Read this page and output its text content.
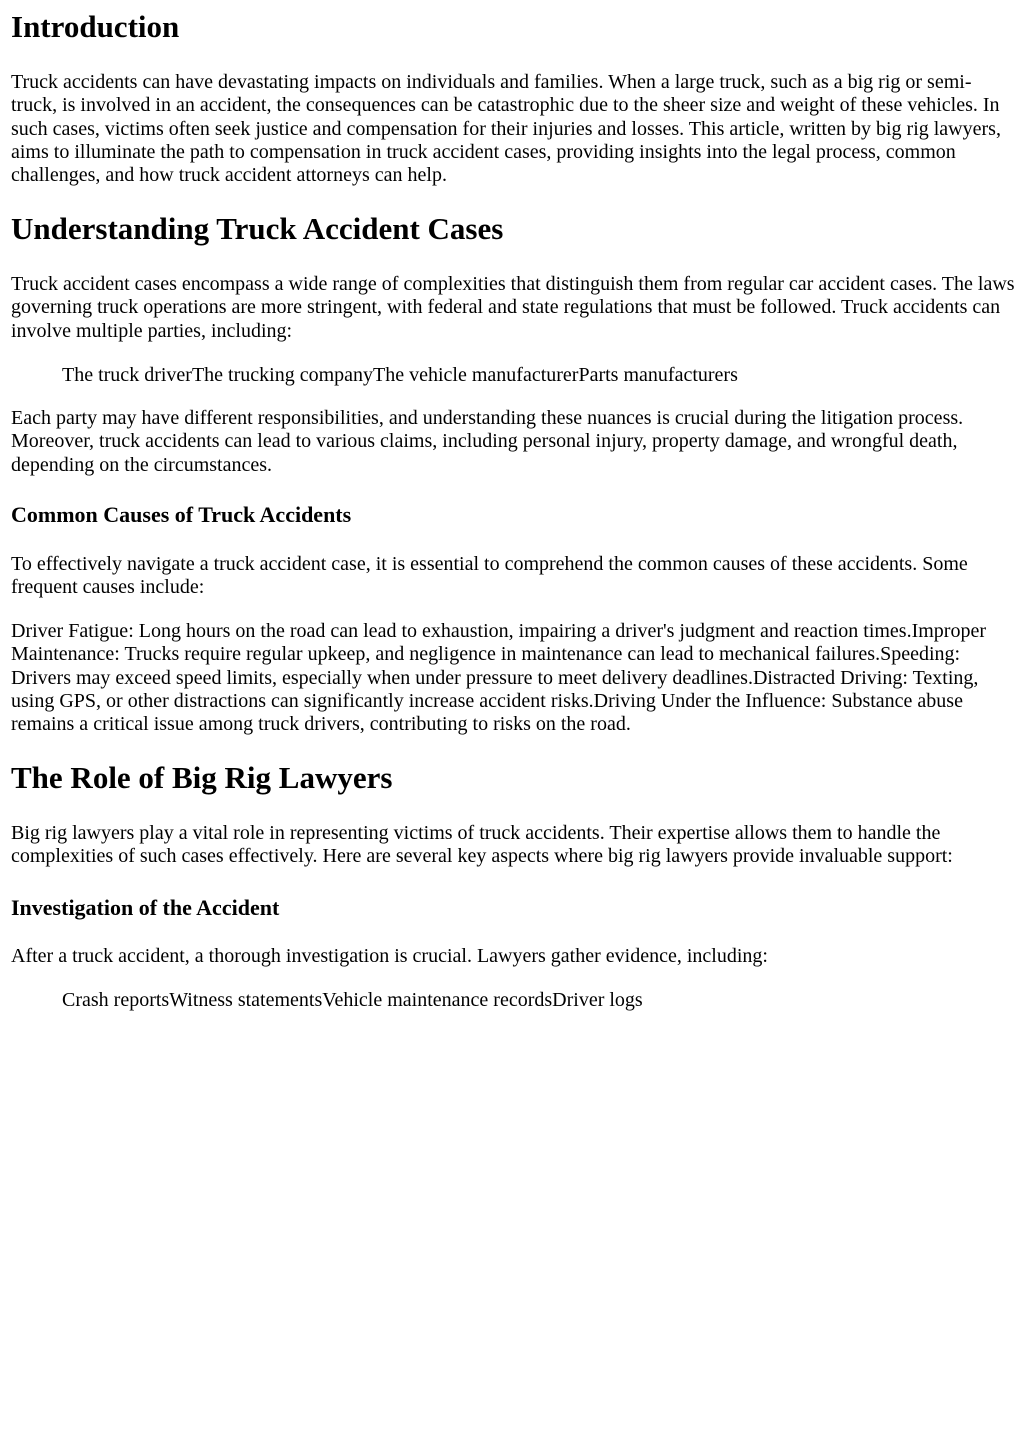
Introduction

Truck accidents can have devastating impacts on individuals and families. When a large truck, such as a big rig or semi-truck, is involved in an accident, the consequences can be catastrophic due to the sheer size and weight of these vehicles. In such cases, victims often seek justice and compensation for their injuries and losses. This article, written by big rig lawyers, aims to illuminate the path to compensation in truck accident cases, providing insights into the legal process, common challenges, and how truck accident attorneys can help.

Understanding Truck Accident Cases

Truck accident cases encompass a wide range of complexities that distinguish them from regular car accident cases. The laws governing truck operations are more stringent, with federal and state regulations that must be followed. Truck accidents can involve multiple parties, including:

The truck driverThe trucking companyThe vehicle manufacturerParts manufacturers

Each party may have different responsibilities, and understanding these nuances is crucial during the litigation process. Moreover, truck accidents can lead to various claims, including personal injury, property damage, and wrongful death, depending on the circumstances.

Common Causes of Truck Accidents

To effectively navigate a truck accident case, it is essential to comprehend the common causes of these accidents. Some frequent causes include:

Driver Fatigue: Long hours on the road can lead to exhaustion, impairing a driver's judgment and reaction times.Improper Maintenance: Trucks require regular upkeep, and negligence in maintenance can lead to mechanical failures.Speeding: Drivers may exceed speed limits, especially when under pressure to meet delivery deadlines.Distracted Driving: Texting, using GPS, or other distractions can significantly increase accident risks.Driving Under the Influence: Substance abuse remains a critical issue among truck drivers, contributing to risks on the road.

The Role of Big Rig Lawyers

Big rig lawyers play a vital role in representing victims of truck accidents. Their expertise allows them to handle the complexities of such cases effectively. Here are several key aspects where big rig lawyers provide invaluable support:

Investigation of the Accident

After a truck accident, a thorough investigation is crucial. Lawyers gather evidence, including:

Crash reportsWitness statementsVehicle maintenance recordsDriver logs
